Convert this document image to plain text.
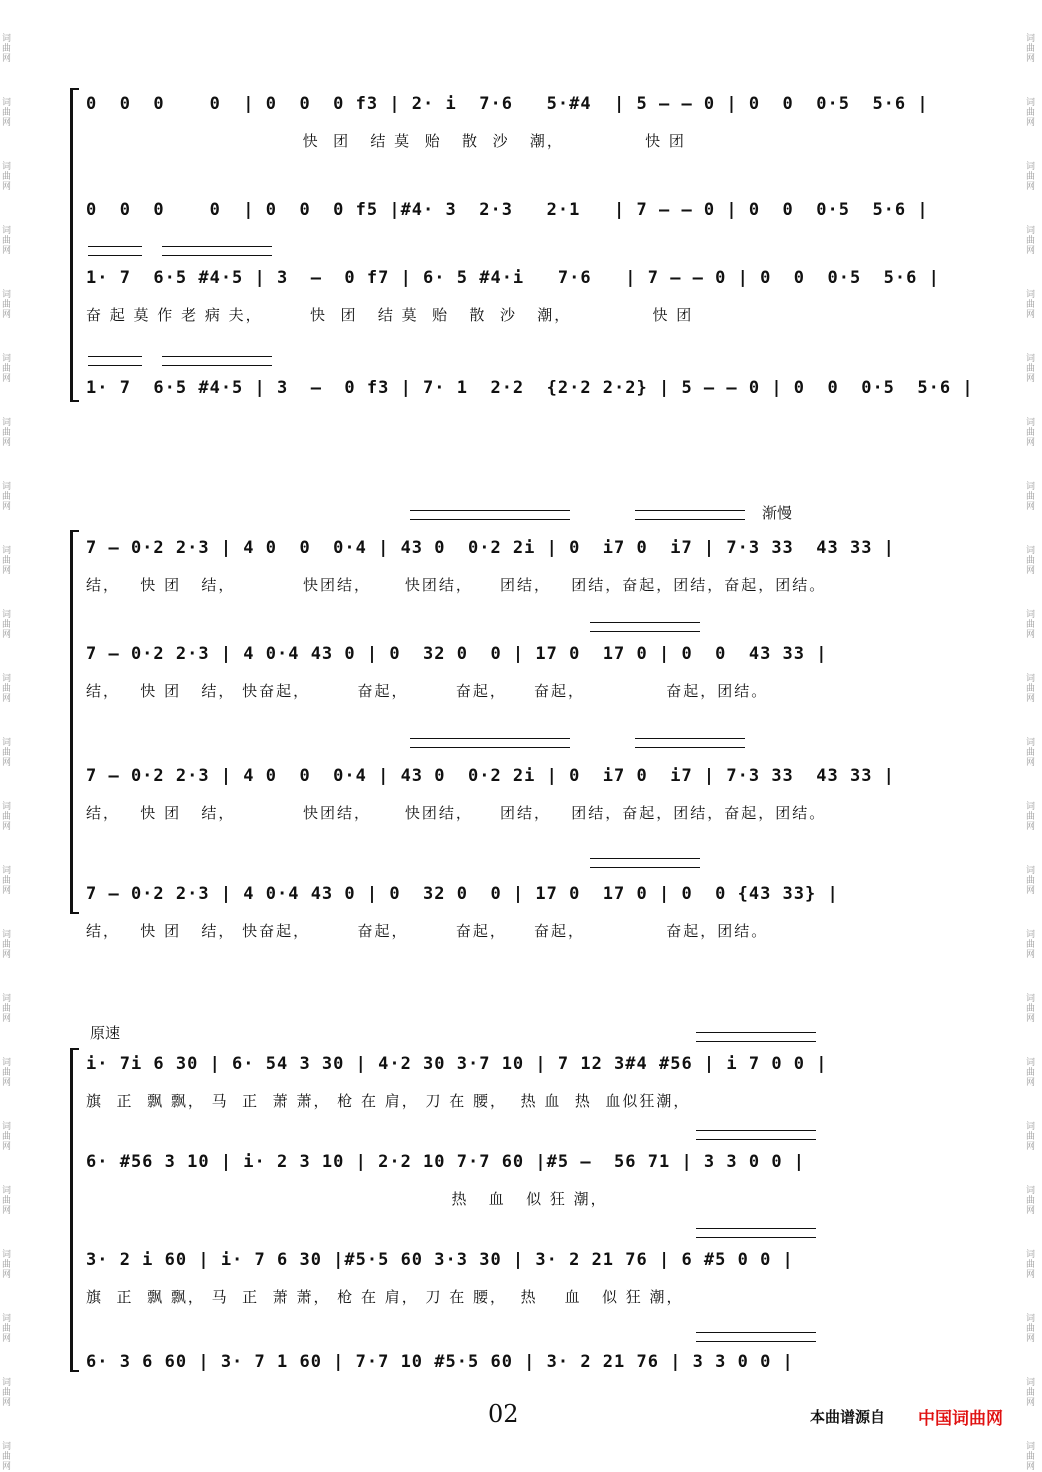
词曲网
词曲网
词曲网
词曲网
词曲网
词曲网
词曲网
词曲网
词曲网
词曲网
词曲网
词曲网
词曲网
词曲网
词曲网
词曲网
词曲网
词曲网
词曲网
词曲网
词曲网
词曲网
词曲网
词曲网
词曲网
词曲网
词曲网
词曲网
词曲网
词曲网
词曲网
词曲网
词曲网
词曲网
词曲网
词曲网
词曲网
词曲网
词曲网
词曲网
词曲网
词曲网
词曲网
词曲网
词曲网
词曲网
0  0  0    0  | 0  0  0 f3 | 2· i  7·6   5·#4  | 5 – – 0 | 0  0  0·5  5·6 |
快  团   结 莫  贻   散  沙   潮，            快 团
0  0  0    0  | 0  0  0 f5 |#4· 3  2·3   2·1   | 7 – – 0 | 0  0  0·5  5·6 |
1· 7  6·5 #4·5 | 3  –  0 f7 | 6· 5 #4·i   7·6   | 7 – – 0 | 0  0  0·5  5·6 |
奋 起 莫 作 老 病 夫，       快  团   结 莫  贻   散  沙   潮，            快 团
1· 7  6·5 #4·5 | 3  –  0 f3 | 7· 1  2·2  {2·2 2·2} | 5 – – 0 | 0  0  0·5  5·6 |
渐慢
7 – 0·2 2·3 | 4 0  0  0·4 | 43 0  0·2 2i | 0  i7 0  i7 | 7·3 33  43 33 |
结，   快 团   结，          快团结，     快团结，    团结，   团结，奋起，团结，奋起，团结。
7 – 0·2 2·3 | 4 0·4 43 0 | 0  32 0  0 | 17 0  17 0 | 0  0  43 33 |
结，   快 团   结， 快奋起，       奋起，       奋起，    奋起，            奋起，团结。
7 – 0·2 2·3 | 4 0  0  0·4 | 43 0  0·2 2i | 0  i7 0  i7 | 7·3 33  43 33 |
结，   快 团   结，          快团结，     快团结，    团结，   团结，奋起，团结，奋起，团结。
7 – 0·2 2·3 | 4 0·4 43 0 | 0  32 0  0 | 17 0  17 0 | 0  0 {43 33} |
结，   快 团   结， 快奋起，       奋起，       奋起，    奋起，            奋起，团结。
原速
i· 7i 6 30 | 6· 54 3 30 | 4·2 30 3·7 10 | 7 12 3#4 #56 | i 7 0 0 |
旗  正  飘 飘， 马  正  萧 萧， 枪 在 肩， 刀 在 腰，  热 血  热  血似狂潮，
6· #56 3 10 | i· 2 3 10 | 2·2 10 7·7 60 |#5 –  56 71 | 3 3 0 0 |
热   血   似 狂 潮，
3· 2 i 60 | i· 7 6 30 |#5·5 60 3·3 30 | 3· 2 21 76 | 6 #5 0 0 |
旗  正  飘 飘， 马  正  萧 萧， 枪 在 肩， 刀 在 腰，  热    血   似 狂 潮，
6· 3 6 60 | 3· 7 1 60 | 7·7 10 #5·5 60 | 3· 2 21 76 | 3 3 0 0 |
02	本曲谱源自 中国词曲网
